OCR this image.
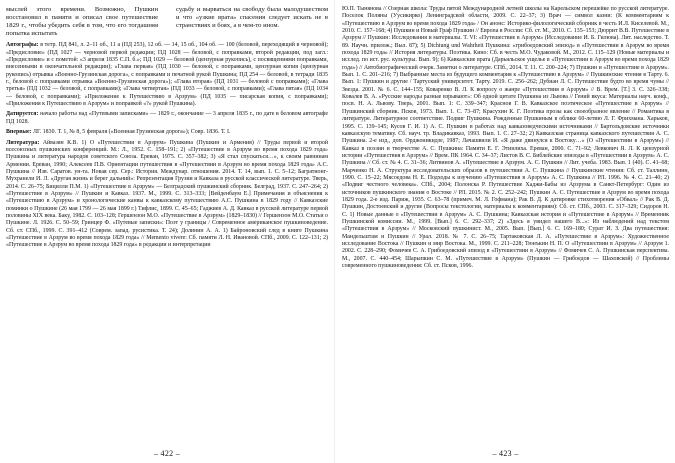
мыслей этого времени. Возможно, Пушкин восстановил в памяти и описал свое путешествие 1829 г., чтобы убедить себя в том, что его тогдашняя попытка испытать

судьбу и вырваться на свободу была малодушеством и что «узкие врата» спасения следует искать не в странствиях и боях, а в чем-то ином.

Автографы: в тетр. ПД 841, л. 2–11 об., 11 а (ПД 253), 12 об. — 14, 15 об., 104 об. — 100 (беловой, переходящий в черновой); «Предисловие» (ПД 1027 — черновой первой редакции; ПД 1028 — беловой, с поправками, второй редакции, под загл.: «Предисловие» и с пометой: «3 апреля 1835 С.П. б.»; ПД 1029 — беловой (цензурная рукопись), с посвящениями поправками, внесенными в окончательной редакции); «Глава первая» (ПД 1030 — беловой, с поправками, цензурная копия (цензурная рукопись) отрывка «Военно-Грузинская дорога», с поправками и печатной рукой Пушкина; ПД 254 — беловой, в тетради 1835 г., беловой с поправками отрывка «Военно-Грузинская дорога»); «Глава вторая» (ПД 1031 — беловой с поправками); «Глава третья» (ПД 1032 — беловой, с поправками); «Глава четвертая» (ПД 1033 — беловой, с поправками); «Глава пятая» (ПД 1034 — беловой, с поправками); «Приложение к Путешествию в Арзрум» (ПД 1035 — писарская копия, с поправками); «Приложения к Путешествию в Арзрум» и поправкой «?» рукой Пушкина).

Датируется: начало работы над «Путевыми записками» — 1829 г., окончание — 3 апреля 1835 г., по дате в беловом автографе ПД 1028.

Впервые: ЛГ. 1830. Т. 1, № 8, 5 февраля («Военная Грузинская дорога»); Совр. 1836. Т. I.

Литература: Айвазян К.В. 1) О «Путешествии в Арзрум» Пушкина (Пушкин и Армения) // Труды первой и второй всесоюзных пушкинских конференций. М.: Л., 1952. С. 158–191; 2) «Путешествие в Арзрум во время похода 1829 года» Пушкина и литература народов советского Союза. Ереван, 1975. С. 357–382; 3) «Я стал спускаться…», к своим равнинам Армении. Ереван, 1990; Алексеев П.В. Ориентации путешествия в «Путешествии в Арзрум во время похода 1829 года» А.С. Пушкина // Изв. Саратов. ун-та. Новая сер. Сер.: История. Междунар. отношения. 2014. Т. 14, вып. 1. С. 5–12; Багратионг-Мухранели И. Л. «Другая жизнь и берег дальний»: Репрезентация Грузии и Кавказа в русской классической литературе. Тверь, 2014. С. 26–75; Бицилли П.М. 1) «Путешествие в Арзрум» — Белградский пушкинский сборник. Белград, 1937. С. 247–264; 2) «Путешествие в Арзрум» // Пушкин и Кавказ. 1937. М., 1999. С. 313–333; [Вейденбаум Е.] Примечания и объяснения к «Путешествию в Арзрум» и хронологические канвы к кавказскому путешествию А.С. Пушкина в 1829 году // Кавказские поминки о Пушкине (26 мая 1799 — 26 мая 1899 г.) Тифлис, 1899. С. 45–65; Гаджиев А. Д. Кавказ в русской литературе первой половины XIX века. Баку, 1982. С. 103–128; Гершензон М.О. «Путешествие в Арзрум» (1829–1830) // Гершензон М.О. Статьи о Пушкине. Л. 1926. С. 50–59; Гринцер Ф. «Путевые записки»: Поэт у границы / Современное американское пушкиноведение. Сб. ст. СПб., 1999. С. 391–412 (Соврем. запад. русистика. Т. 24); Долинин А. А. 1) Байроновский след в книге Пушкина «Путешествие в Арзрум во время похода 1829 года» // Memento vivere: Сб. памяти Л. Н. Ивановой. СПб., 2009. С. 122–131; 2) «Путешествие в Арзрум во время похода 1829 года» в редакции и интерпретации

– 422 –

Ю.П. Тынянова // Озерная школа: Труды пятой Международной летней школы на Карельском перешейке по русской литературе. Поселок Поляны (Уусикирко) Ленинградской области, 2009. С. 22–37; 3) Врач — символ казни: (К комментариям к «Путешествию в Арзрум во время похода 1829 года» / Он анонс: Историко-филологический сборник в честь И.Л. Киселевой. М., 2010. С. 157–168; 4) Пушкин и Новый Граф Пушкин // Европа в России: Сб. ст. М., 2010. С. 135–153; Дюррит В.В. Путешествие в Арзрум // Пушкин: Исследования и материалы. Т. VI: «Путешествие в Арзрум» (Исследование И. Б. Гилюва). Лит. наследство. Т. 89. Научн. прилож.; Выл. 87); 5) Dichtung und Wahrheit Пушкина: «грибоедовский эпизод» в «Путешествии в Арзрум во время похода 1829 года» // История литературы. Поэтика. Кино: Сб. в честь М.О. Чудаковой. М., 2012. С. 115–129 (Новые материалы и исслед. по ист. рус. культуры. Вып. 9); 6) Кавказские врата (Дарьяльское ущелье в «Путешествии в Арзрум во время похода 1829 года») // Автобиографический очерк. Заметки о литературе. СПб., 2014. Т. 11. С. 200–224; 7) Пушкин и «Путешествие в Арзрум». Вып. 1. С. 201–216; 7) Выбранные места из будущего комментария к «Путешествию в Арзрум» // Пушкинские чтения в Тарту. 6. Вып. 1: Пушкин и другие / Тартуский университет. Тарту. 2019. С. 256–262; Дубиан Л. С. Путешествие будто во время чумы // Звезда. 2001. № 6. С. 144–155; Коваренко В. Л. К вопросу о жанре «Путешествия в Арзрум» // В. Врем. [Т.] 3. С. 326–338; Ковалев В. А. «Русские народы разные взрывают»: Об одной цитате Пушкина из Львова // Гений вкуса: Материалы науч. конф., посв. Н. А. Львову. Тверь, 2001. Вып. 1: С. 339–347; Краснов Г. В. Кавказское поэтическое «Путешествие в Арзрум» // Пушкинский сборник. Псков, 1973. Вып. 1. С. 73–87; Красухин К. Г. Поэтика прозы как своеобразное явление // Романтика в литературе. Литературное соответствие. Подвиг Пушкина. Рожденные Пушкиным в облике 60-летию Л. Г. Фрихмана. Харьков, 1995. С. 139–145; Кусов Г. И. 1) А. С. Пушкин в работах над кавказоведческими источниками // Бартольдовские источники кавказскую тематику. Сб. науч. тр. Владикавказ, 1993. Вып. 1. С. 27–32; 2) Кавказская страница кавказского путешествия А. С. Пушкина. 2-е изд., доп. Орджоникидзе, 1987; Лачашвили И. «Я даже двинулся к Востоку…» (О «Путешествии в Арзрум») // Кавказ в поэзии и творчестве А. С. Пушкина: Памяти Е. Г. Этинлиха. Ереван, 2000. С. 71–92; Левкович Я. Л. К цензурной истории «Путешествия в Арзрум» // Врем. ПК 1964. С. 34–37; Листов В. С. Библейские эпизоды в «Путешествии в Арзрум» А. С. Пушкина // Сб. ст. № 4. С. 31–36; Литвинов А. «Путешествие в Арзрум. А. С. Пушкин // Лит. учеба. 1983. Вып. 1 (40). С. 41–68; Марченко Н. А. Структура исследовательских образов в путешествии А. С. Пушкина // Пушкинские чтения: Сб. ст. Таллинн, 1990. С. 15–22; Мясоедова Н. Е. Подходы к изучению «Путешествия в Арзрум» А. С. Пушкина // РЛ. 1996. № 4. С. 21–40; 2) «Подвиг честного человека». СПб., 2004; Полонска Р. Путешествие Хаджи-Бабы из Арзрума в Санкт-Петербург: Один из источников пушкинского знания о Востоке // РЛ. 2015. № 2. С. 252–242; Пушкин А. С. Путешествие в Арзрум во время похода 1829 года. 2-е изд. Париж, 1935. С. 63–78 (примеч. М. Л. Гофмана); Рак В. Д. К датировке стихотворения «Обвал» // Рак В. Д. Пушкин, Достоевский и другие (Вопросы текстологии, материалы к комментариям): Сб. ст. СПб., 2003. С. 317–329; Сидоров Н. С. 1) Новые данные о «Путешествии в Арзрум» А. С. Пушкина; Кавказская история и «Путешествие в Арзрум» // Временник Пушкинской комиссии. М., 1999. [Вып.] 6. С. 292–337; 2) «Здесь я увидел нашего В...»: Из наблюдений над текстом «Путешествия в Арзрум» // Московский пушкинист. М., 2005. Вып. [Вып.] 6. С. 169–180; Сурат И. З. Два путешествия: Мандельштам и Пушкин // Урал. 2018. № 7. С. 26–75; Тартаковская Л. А. «Путешествие в Арзрум»: Художественное исследование Востока // Пушкин и мир Востока. М., 1999. С. 211–228; Тюнъкин Н. П. О «Путешествии в Арзрум» // Арзрум 1. 2002. С. 228–290; Фомичев С. А. Грибоедовский эпизод в «Путешествии в Арзрум» // Фомичев С. А. Пушкинская перспектива. М., 2007. С. 440–454; Шарыпкин С. М. «Путешествие в Арзрум» (Пушкин — Грибоедов — Шаховской) // Проблемы современного пушкиноведения: Сб. ст. Псков, 1996.

– 423 –
